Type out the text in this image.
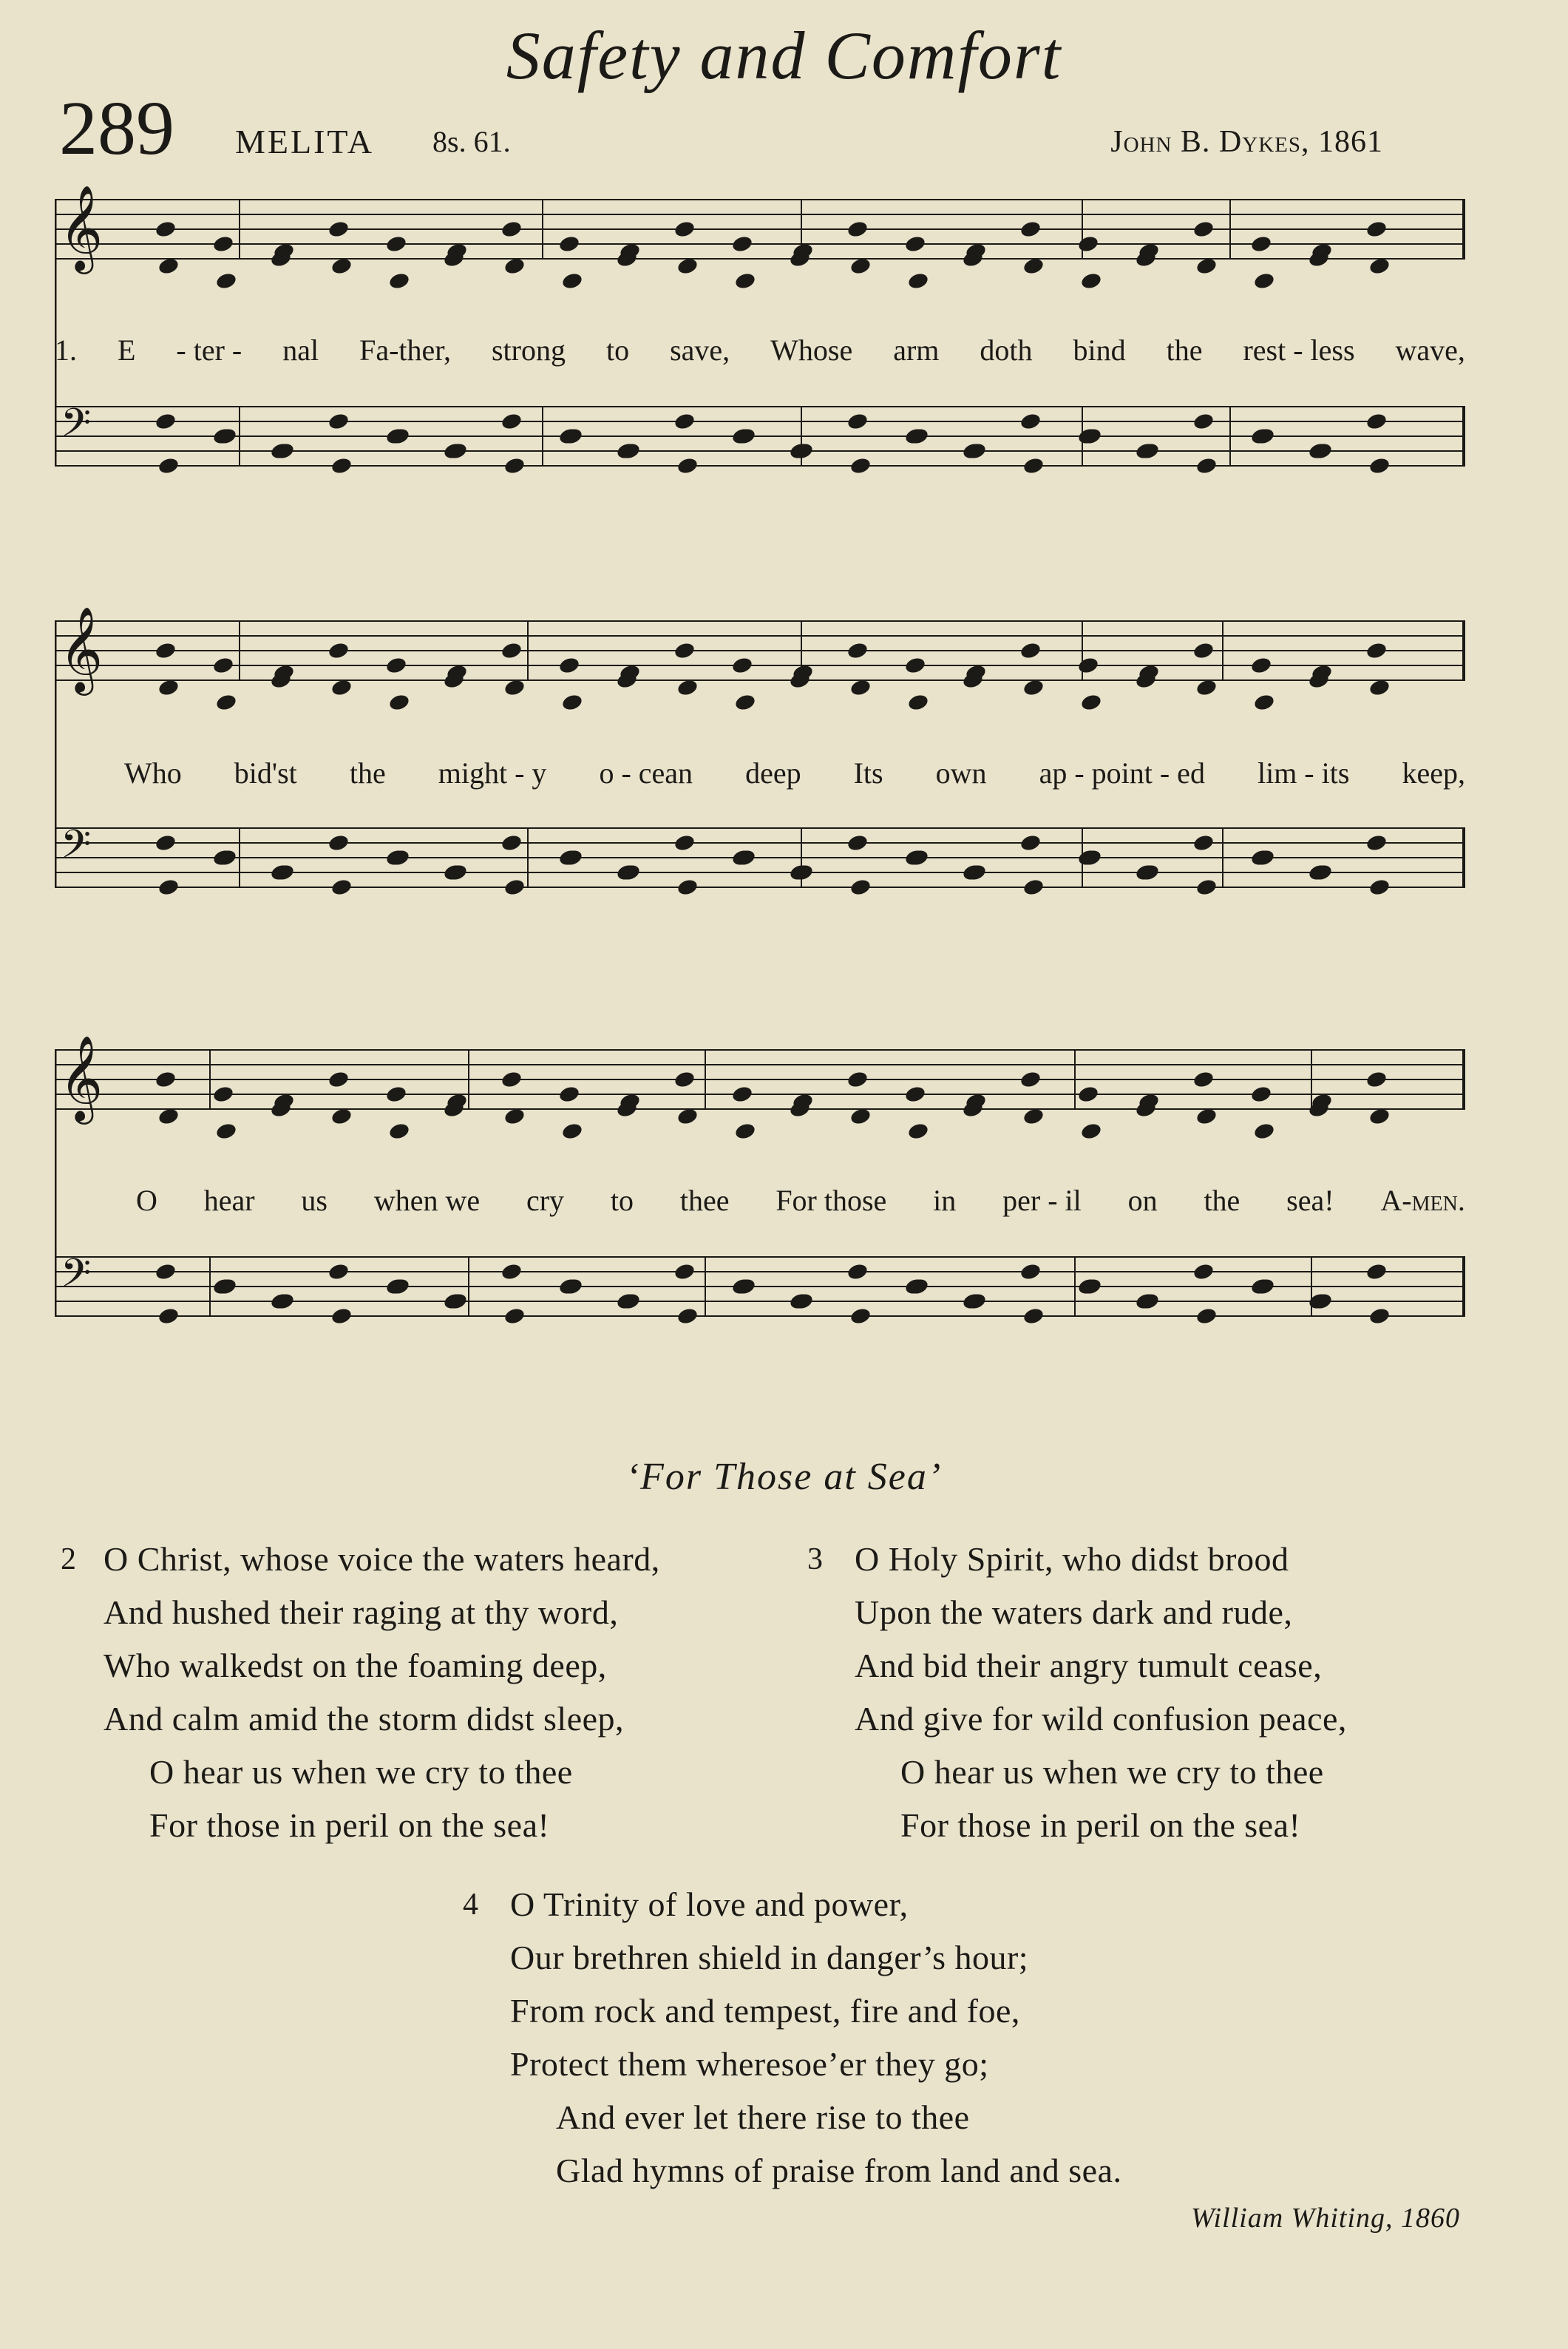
Safety and Comfort
289 MELITA 8s. 61.	John B. Dykes, 1861
𝄞
𝄢
1. E - ter - nal Fa-ther, strong to save, Whose arm doth bind the rest - less wave,
𝄞
𝄢
Who bid'st the might - y o - cean deep Its own ap - point - ed lim - its keep,
𝄞
𝄢
O hear us when we cry to thee For those in per - il on the sea! A-men.
‘For Those at Sea’
2 O Christ, whose voice the waters heard,
And hushed their raging at thy word,
Who walkedst on the foaming deep,
And calm amid the storm didst sleep,
O hear us when we cry to thee
For those in peril on the sea!
3 O Holy Spirit, who didst brood
Upon the waters dark and rude,
And bid their angry tumult cease,
And give for wild confusion peace,
O hear us when we cry to thee
For those in peril on the sea!
4 O Trinity of love and power,
Our brethren shield in danger’s hour;
From rock and tempest, fire and foe,
Protect them wheresoe’er they go;
And ever let there rise to thee
Glad hymns of praise from land and sea.
William Whiting, 1860
